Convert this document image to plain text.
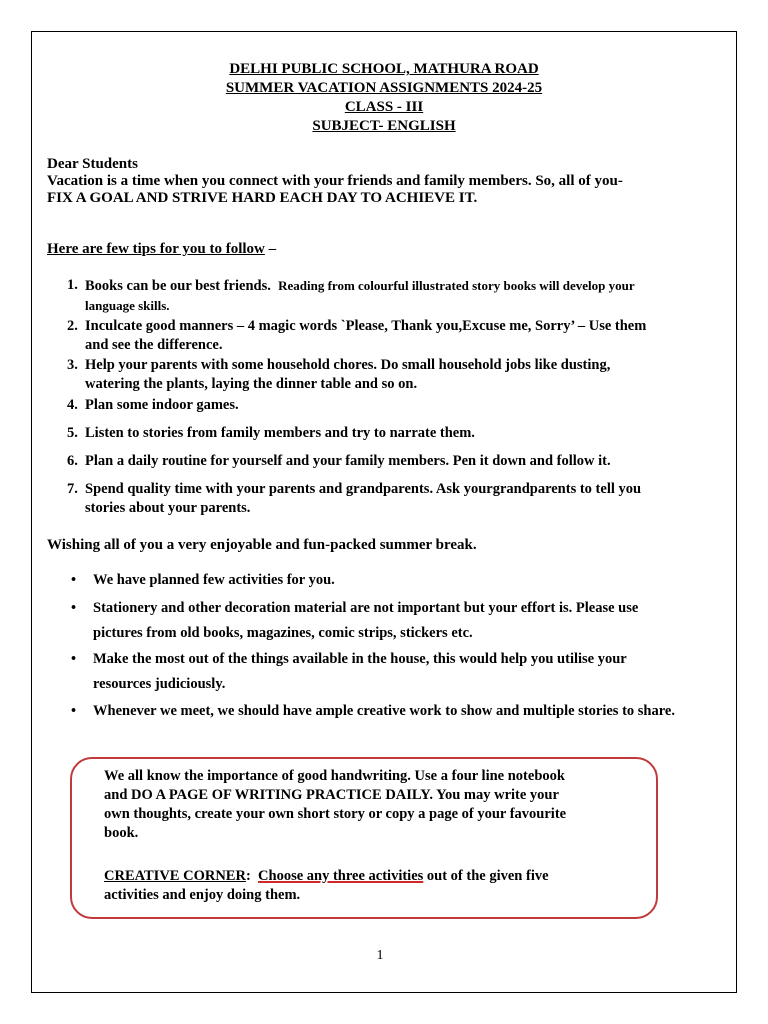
DELHI PUBLIC SCHOOL, MATHURA ROAD
SUMMER VACATION ASSIGNMENTS 2024-25
CLASS - III
SUBJECT- ENGLISH
Dear Students
Vacation is a time when you connect with your friends and family members. So, all of you-
FIX A GOAL AND STRIVE HARD EACH DAY TO ACHIEVE IT.
Here are few tips for you to follow –
1. Books can be our best friends. Reading from colourful illustrated story books will develop your
language skills.
2. Inculcate good manners – 4 magic words `Please, Thank you,Excuse me, Sorry’ – Use them
and see the difference.
3. Help your parents with some household chores. Do small household jobs like dusting,
watering the plants, laying the dinner table and so on.
4. Plan some indoor games.
5. Listen to stories from family members and try to narrate them.
6. Plan a daily routine for yourself and your family members. Pen it down and follow it.
7. Spend quality time with your parents and grandparents. Ask yourgrandparents to tell you
stories about your parents.
Wishing all of you a very enjoyable and fun-packed summer break.
• We have planned few activities for you.
• Stationery and other decoration material are not important but your effort is. Please use
pictures from old books, magazines, comic strips, stickers etc.
• Make the most out of the things available in the house, this would help you utilise your
resources judiciously.
• Whenever we meet, we should have ample creative work to show and multiple stories to share.
We all know the importance of good handwriting. Use a four line notebook
and DO A PAGE OF WRITING PRACTICE DAILY. You may write your
own thoughts, create your own short story or copy a page of your favourite
book.
CREATIVE CORNER:  Choose any three activities out of the given five
activities and enjoy doing them.
1
